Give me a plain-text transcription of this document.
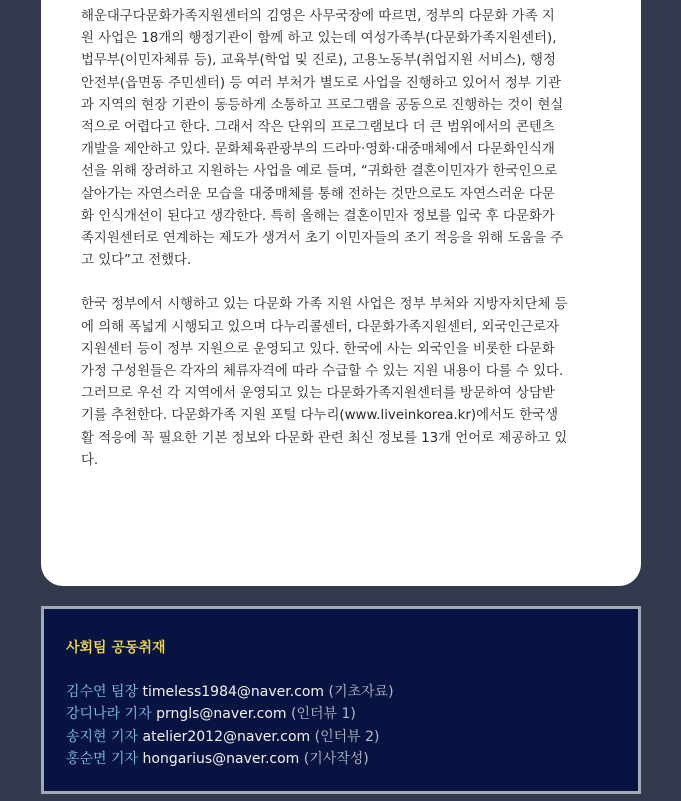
해운대구다문화가족지원센터의 김영은 사무국장에 따르면, 정부의 다문화 가족 지
원 사업은 18개의 행정기관이 함께 하고 있는데 여성가족부(다문화가족지원센터),
법무부(이민자체류 등), 교육부(학업 및 진로), 고용노동부(취업지원 서비스), 행정
안전부(읍면동 주민센터) 등 여러 부처가 별도로 사업을 진행하고 있어서 정부 기관
과 지역의 현장 기관이 동등하게 소통하고 프로그램을 공동으로 진행하는 것이 현실
적으로 어렵다고 한다. 그래서 작은 단위의 프로그램보다 더 큰 범위에서의 콘텐츠
개발을 제안하고 있다. 문화체육관광부의 드라마·영화·대중매체에서 다문화인식개
선을 위해 장려하고 지원하는 사업을 예로 들며, “귀화한 결혼이민자가 한국인으로
살아가는 자연스러운 모습을 대중매체를 통해 전하는 것만으로도 자연스러운 다문
화 인식개선이 된다고 생각한다. 특히 올해는 결혼이민자 정보를 입국 후 다문화가
족지원센터로 연계하는 제도가 생겨서 초기 이민자들의 조기 적응을 위해 도움을 주
고 있다”고 전했다.

한국 정부에서 시행하고 있는 다문화 가족 지원 사업은 정부 부처와 지방자치단체 등
에 의해 폭넓게 시행되고 있으며 다누리콜센터, 다문화가족지원센터, 외국인근로자
지원센터 등이 정부 지원으로 운영되고 있다. 한국에 사는 외국인을 비롯한 다문화
가정 구성원들은 각자의 체류자격에 따라 수급할 수 있는 지원 내용이 다를 수 있다.
그러므로 우선 각 지역에서 운영되고 있는 다문화가족지원센터를 방문하여 상담받
기를 추천한다. 다문화가족 지원 포털 다누리(www.liveinkorea.kr)에서도 한국생
활 적응에 꼭 필요한 기본 정보와 다문화 관련 최신 정보를 13개 언어로 제공하고 있
다.

사회팀 공동취재
김수연 팀장 timeless1984@naver.com (기초자료)
강디나라 기자 prngls@naver.com (인터뷰 1)
송지현 기자 atelier2012@naver.com (인터뷰 2)
홍순면 기자 hongarius@naver.com (기사작성)
